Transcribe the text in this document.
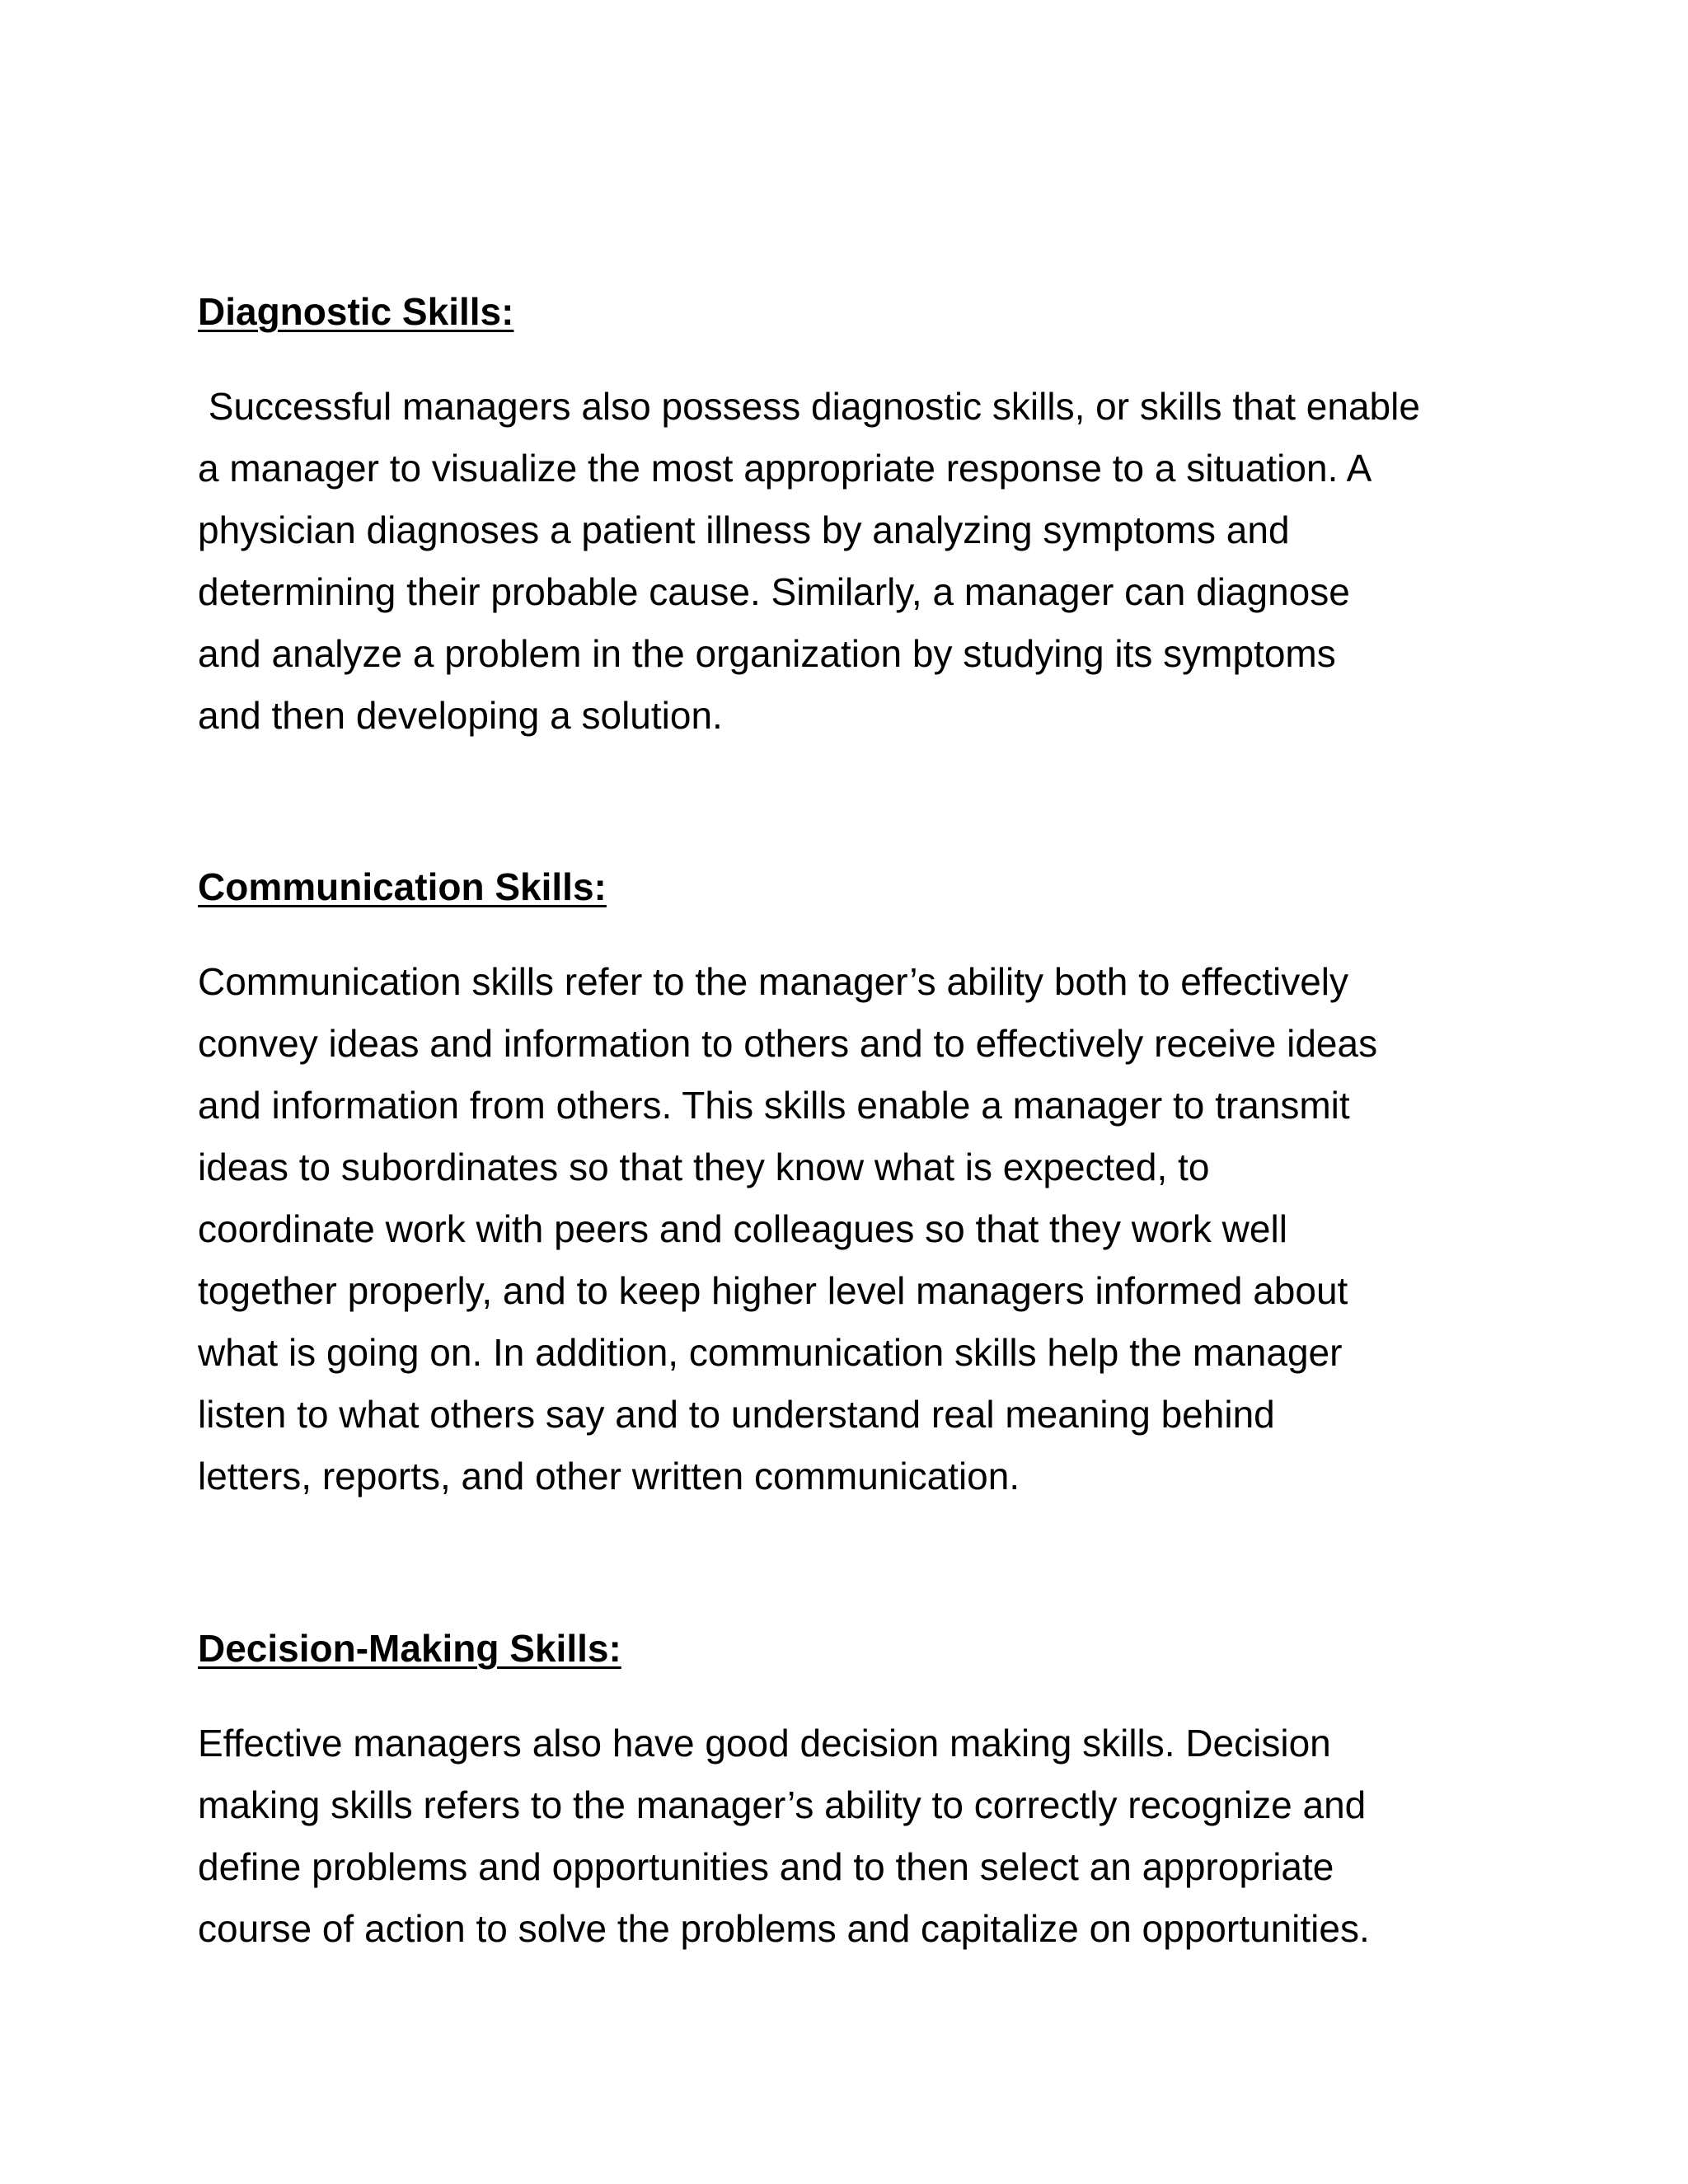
Diagnostic Skills:
Successful managers also possess diagnostic skills, or skills that enable
a manager to visualize the most appropriate response to a situation. A
physician diagnoses a patient illness by analyzing symptoms and
determining their probable cause. Similarly, a manager can diagnose
and analyze a problem in the organization by studying its symptoms
and then developing a solution.
Communication Skills:
Communication skills refer to the manager’s ability both to effectively
convey ideas and information to others and to effectively receive ideas
and information from others. This skills enable a manager to transmit
ideas to subordinates so that they know what is expected, to
coordinate work with peers and colleagues so that they work well
together properly, and to keep higher level managers informed about
what is going on. In addition, communication skills help the manager
listen to what others say and to understand real meaning behind
letters, reports, and other written communication.
Decision-Making Skills:
Effective managers also have good decision making skills. Decision
making skills refers to the manager’s ability to correctly recognize and
define problems and opportunities and to then select an appropriate
course of action to solve the problems and capitalize on opportunities.
